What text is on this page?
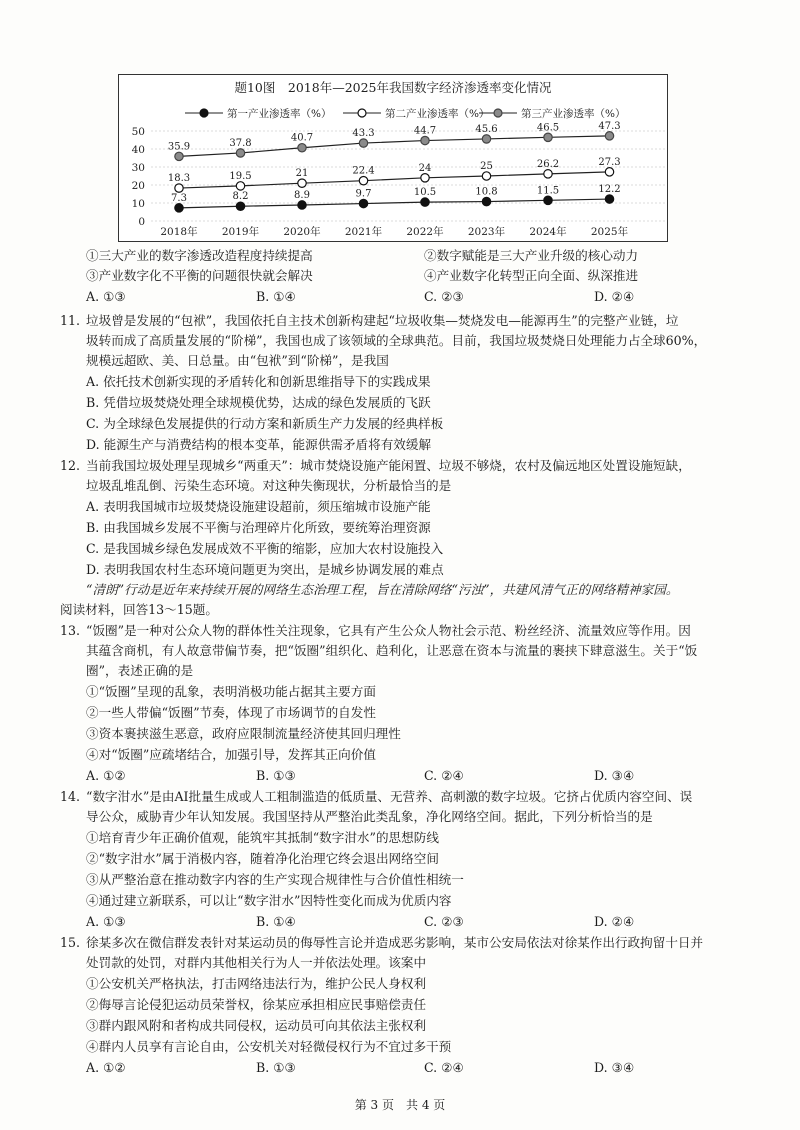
题10图　2018年—2025年我国数字经济渗透率变化情况
第一产业渗透率（%）	第二产业渗透率（%）	第三产业渗透率（%）
0
10
20
30
40
50
2018年 2019年 2020年 2021年 2022年 2023年 2024年 2025年
7.3	8.2	8.9	9.7	10.5	10.8	11.5	12.2
18.3	19.5	21	22.4	24	25	26.2	27.3
35.9	37.8	40.7	43.3	44.7	45.6	46.5	47.3
①三大产业的数字渗透改造程度持续提高	②数字赋能是三大产业升级的核心动力
③产业数字化不平衡的问题很快就会解决	④产业数字化转型正向全面、纵深推进
A. ①③	B. ①④	C. ②③	D. ②④
11. 垃圾曾是发展的“包袱”，我国依托自主技术创新构建起“垃圾收集—焚烧发电—能源再生”的完整产业链，垃
圾转而成了高质量发展的“阶梯”，我国也成了该领域的全球典范。目前，我国垃圾焚烧日处理能力占全球60%，
规模远超欧、美、日总量。由“包袱”到“阶梯”，是我国
A. 依托技术创新实现的矛盾转化和创新思维指导下的实践成果
B. 凭借垃圾焚烧处理全球规模优势，达成的绿色发展质的飞跃
C. 为全球绿色发展提供的行动方案和新质生产力发展的经典样板
D. 能源生产与消费结构的根本变革，能源供需矛盾将有效缓解
12. 当前我国垃圾处理呈现城乡“两重天”：城市焚烧设施产能闲置、垃圾不够烧，农村及偏远地区处置设施短缺，
垃圾乱堆乱倒、污染生态环境。对这种失衡现状，分析最恰当的是
A. 表明我国城市垃圾焚烧设施建设超前，须压缩城市设施产能
B. 由我国城乡发展不平衡与治理碎片化所致，要统筹治理资源
C. 是我国城乡绿色发展成效不平衡的缩影，应加大农村设施投入
D. 表明我国农村生态环境问题更为突出，是城乡协调发展的难点
“清朗”行动是近年来持续开展的网络生态治理工程，旨在清除网络“污浊”，共建风清气正的网络精神家园。
阅读材料，回答13～15题。
13. “饭圈”是一种对公众人物的群体性关注现象，它具有产生公众人物社会示范、粉丝经济、流量效应等作用。因
其蕴含商机，有人故意带偏节奏，把“饭圈”组织化、趋利化，让恶意在资本与流量的裹挟下肆意滋生。关于“饭
圈”，表述正确的是
①“饭圈”呈现的乱象，表明消极功能占据其主要方面
②一些人带偏“饭圈”节奏，体现了市场调节的自发性
③资本裹挟滋生恶意，政府应限制流量经济使其回归理性
④对“饭圈”应疏堵结合，加强引导，发挥其正向价值
A. ①②	B. ①③	C. ②④	D. ③④
14. “数字泔水”是由AI批量生成或人工粗制滥造的低质量、无营养、高刺激的数字垃圾。它挤占优质内容空间、误
导公众，威胁青少年认知发展。我国坚持从严整治此类乱象，净化网络空间。据此，下列分析恰当的是
①培育青少年正确价值观，能筑牢其抵制“数字泔水”的思想防线
②“数字泔水”属于消极内容，随着净化治理它终会退出网络空间
③从严整治意在推动数字内容的生产实现合规律性与合价值性相统一
④通过建立新联系，可以让“数字泔水”因特性变化而成为优质内容
A. ①③	B. ①④	C. ②③	D. ②④
15. 徐某多次在微信群发表针对某运动员的侮辱性言论并造成恶劣影响，某市公安局依法对徐某作出行政拘留十日并
处罚款的处罚，对群内其他相关行为人一并依法处理。该案中
①公安机关严格执法，打击网络违法行为，维护公民人身权利
②侮辱言论侵犯运动员荣誉权，徐某应承担相应民事赔偿责任
③群内跟风附和者构成共同侵权，运动员可向其依法主张权利
④群内人员享有言论自由，公安机关对轻微侵权行为不宜过多干预
A. ①②	B. ①③	C. ②④	D. ③④
第 3 页　共 4 页
